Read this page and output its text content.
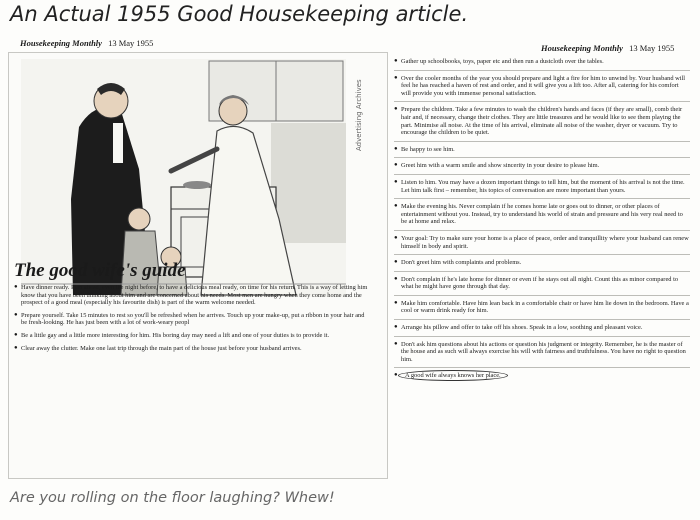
An Actual 1955 Good Housekeeping article.
Housekeeping Monthly 13 May 1955	Housekeeping Monthly 13 May 1955
Advertising Archives
The good wife's guide
● Have dinner ready. Plan ahead, even the night before, to have a delicious meal ready, on time for his return. This is a way of letting him know that you have been thinking about him and are concerned about his needs. Most men are hungry when they come home and the prospect of a good meal (especially his favourite dish) is part of the warm welcome needed.
● Prepare yourself. Take 15 minutes to rest so you'll be refreshed when he arrives. Touch up your make-up, put a ribbon in your hair and be fresh-looking. He has just been with a lot of work-weary peopl
● Be a little gay and a little more interesting for him. His boring day may need a lift and one of your duties is to provide it.
● Clear away the clutter. Make one last trip through the main part of the house just before your husband arrives.
● Gather up schoolbooks, toys, paper etc and then run a dustcloth over the tables.
● Over the cooler months of the year you should prepare and light a fire for him to unwind by. Your husband will feel he has reached a haven of rest and order, and it will give you a lift too. After all, catering for his comfort will provide you with immense personal satisfaction.
● Prepare the children. Take a few minutes to wash the children's hands and faces (if they are small), comb their hair and, if necessary, change their clothes. They are little treasures and he would like to see them playing the part. Minimise all noise. At the time of his arrival, eliminate all noise of the washer, dryer or vacuum. Try to encourage the children to be quiet.
● Be happy to see him.
● Greet him with a warm smile and show sincerity in your desire to please him.
● Listen to him. You may have a dozen important things to tell him, but the moment of his arrival is not the time. Let him talk first – remember, his topics of conversation are more important than yours.
● Make the evening his. Never complain if he comes home late or goes out to dinner, or other places of entertainment without you. Instead, try to understand his world of strain and pressure and his very real need to be at home and relax.
● Your goal: Try to make sure your home is a place of peace, order and tranquillity where your husband can renew himself in body and spirit.
● Don't greet him with complaints and problems.
● Don't complain if he's late home for dinner or even if he stays out all night. Count this as minor compared to what he might have gone through that day.
● Make him comfortable. Have him lean back in a comfortable chair or have him lie down in the bedroom. Have a cool or warm drink ready for him.
● Arrange his pillow and offer to take off his shoes. Speak in a low, soothing and pleasant voice.
● Don't ask him questions about his actions or question his judgment or integrity. Remember, he is the master of the house and as such will always exercise his will with fairness and truthfulness. You have no right to question him.
●	A good wife always knows her place.
Are you rolling on the floor laughing? Whew!
